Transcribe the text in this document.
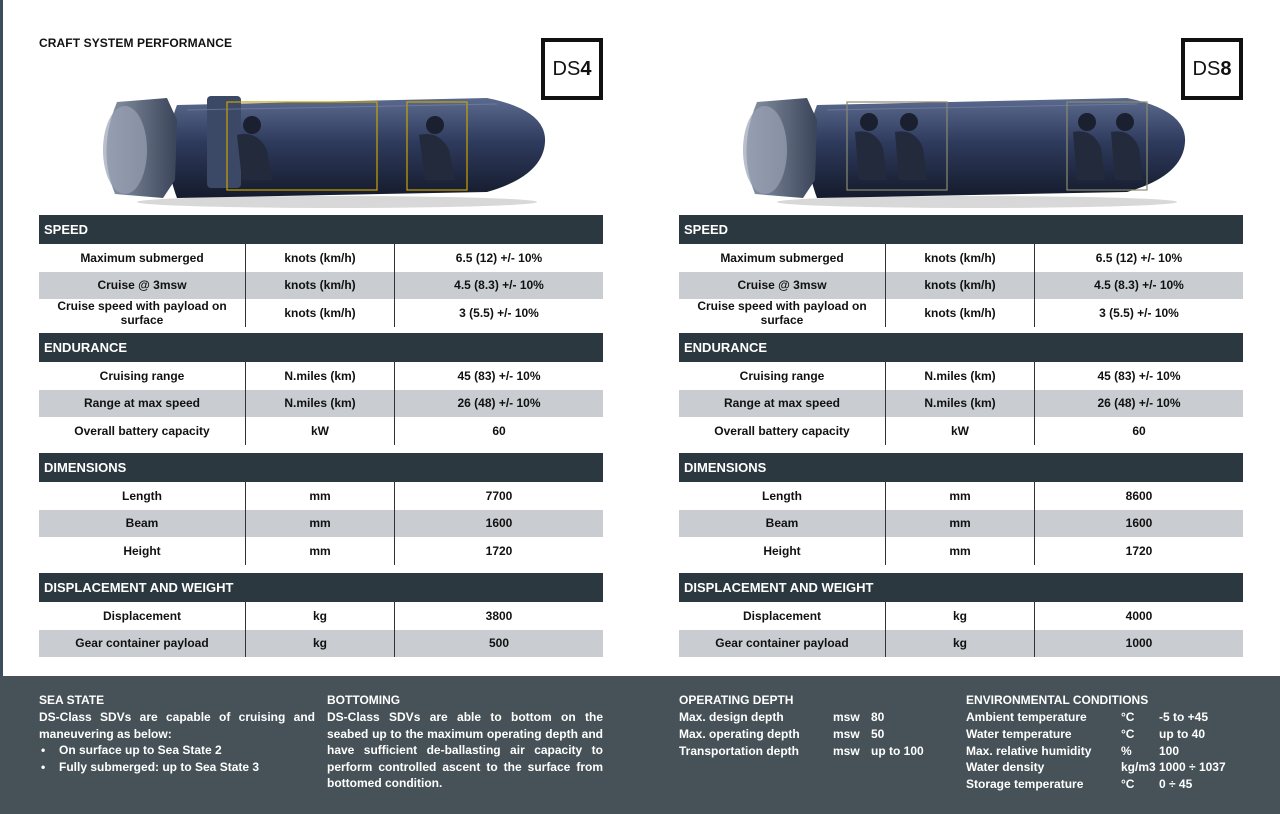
CRAFT SYSTEM PERFORMANCE
DS 4	DS 8
SPEED
Maximum submerged	knots (km/h)	6.5 (12) +/- 10%
Cruise @ 3msw	knots (km/h)	4.5 (8.3) +/- 10%
Cruise speed with payload on surface	knots (km/h)	3 (5.5) +/- 10%
ENDURANCE
Cruising range	N.miles (km)	45 (83) +/- 10%
Range at max speed	N.miles (km)	26 (48) +/- 10%
Overall battery capacity	kW	60
DIMENSIONS
Length	mm	7700
Beam	mm	1600
Height	mm	1720
DISPLACEMENT AND WEIGHT
Displacement	kg	3800
Gear container payload	kg	500
SPEED
Maximum submerged	knots (km/h)	6.5 (12) +/- 10%
Cruise @ 3msw	knots (km/h)	4.5 (8.3) +/- 10%
Cruise speed with payload on surface	knots (km/h)	3 (5.5) +/- 10%
ENDURANCE
Cruising range	N.miles (km)	45 (83) +/- 10%
Range at max speed	N.miles (km)	26 (48) +/- 10%
Overall battery capacity	kW	60
DIMENSIONS
Length	mm	8600
Beam	mm	1600
Height	mm	1720
DISPLACEMENT AND WEIGHT
Displacement	kg	4000
Gear container payload	kg	1000
SEA STATE
DS-Class SDVs are capable of cruising and maneuvering as below:
• On surface up to Sea State 2
• Fully submerged: up to Sea State 3
BOTTOMING
DS-Class SDVs are able to bottom on the seabed up to the maximum operating depth and have sufficient de-ballasting air capacity to perform controlled ascent to the surface from bottomed condition.
OPERATING DEPTH
Max. design depth	msw 80
Max. operating depth	msw 50
Transportation depth	msw up to 100
ENVIRONMENTAL CONDITIONS
Ambient temperature	°C	-5 to +45
Water temperature	°C	up to 40
Max. relative humidity	%	100
Water density	kg/m3 1000 ÷ 1037
Storage temperature	°C	0 ÷ 45
